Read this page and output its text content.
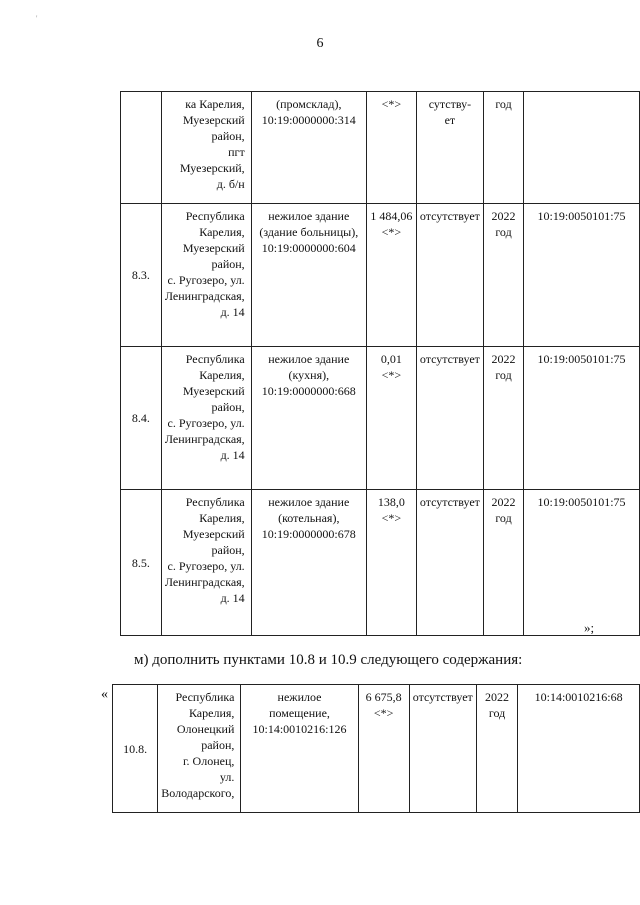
'
6
	ка Карелия, Муезерский район,
пгт Муезерский,
д. б/н	(промсклад),
10:19:0000000:314	<*>	сутству-
ет	год	
8.3.	Республика Карелия, Муезерский район,
с. Ругозеро, ул. Ленинградская, д. 14	нежилое здание
(здание больницы),
10:19:0000000:604	1 484,06
<*>	отсутствует	2022
год	10:19:0050101:75
8.4.	Республика Карелия, Муезерский район,
с. Ругозеро, ул. Ленинградская, д. 14	нежилое здание
(кухня),
10:19:0000000:668	0,01
<*>	отсутствует	2022
год	10:19:0050101:75
8.5.	Республика Карелия, Муезерский район,
с. Ругозеро, ул. Ленинградская, д. 14	нежилое здание
(котельная),
10:19:0000000:678	138,0
<*>	отсутствует	2022
год	10:19:0050101:75
»;
м) дополнить пунктами 10.8 и 10.9 следующего содержания:
«
10.8.	Республика Карелия, Олонецкий район,
г. Олонец,
ул. Володарского,	нежилое
помещение,
10:14:0010216:126	6 675,8
<*>	отсутствует	2022
год	10:14:0010216:68
